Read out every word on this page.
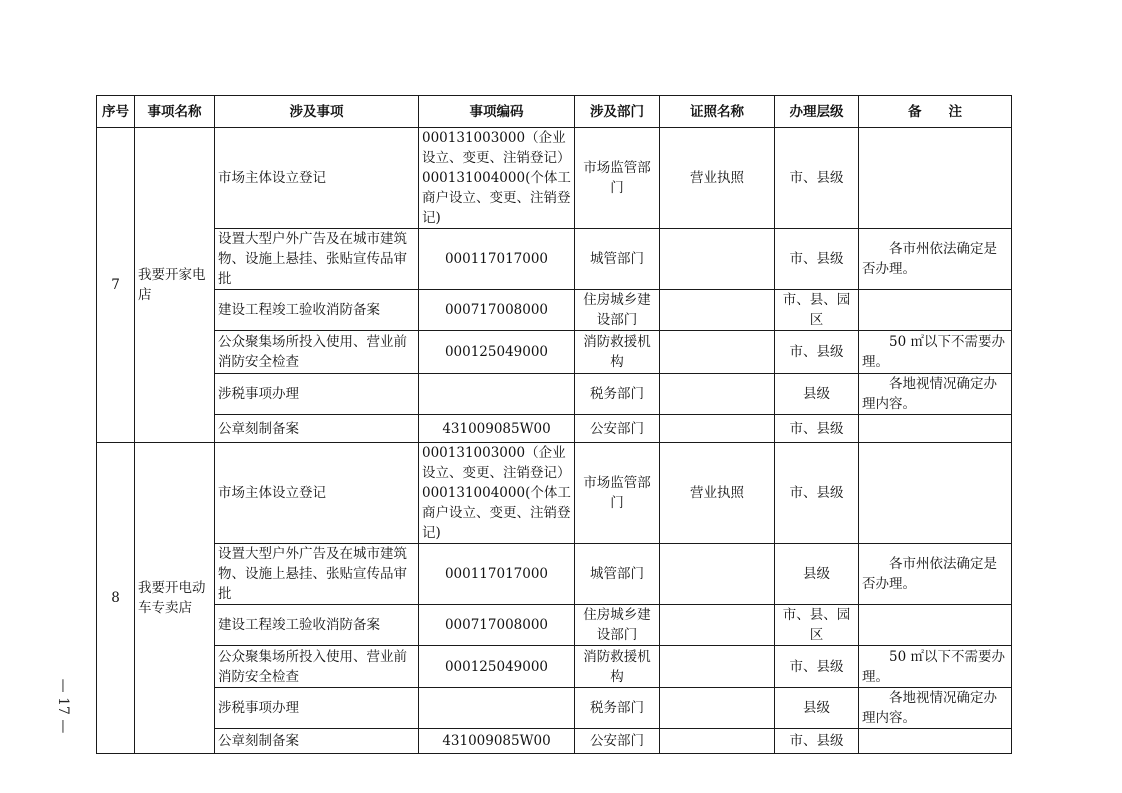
序号	事项名称	涉及事项	事项编码	涉及部门	证照名称	办理层级	备　　注
7	我要开家电店	市场主体设立登记	000131003000（企业设立、变更、注销登记）000131004000(个体工商户设立、变更、注销登记)	市场监管部门	营业执照	市、县级	
		设置大型户外广告及在城市建筑物、设施上悬挂、张贴宣传品审批	000117017000	城管部门		市、县级	各市州依法确定是否办理。
		建设工程竣工验收消防备案	000717008000	住房城乡建设部门		市、县、园区	
		公众聚集场所投入使用、营业前消防安全检查	000125049000	消防救援机构		市、县级	50 ㎡以下不需要办理。
		涉税事项办理		税务部门		县级	各地视情况确定办理内容。
		公章刻制备案	431009085W00	公安部门		市、县级	
8	我要开电动车专卖店	市场主体设立登记	000131003000（企业设立、变更、注销登记）000131004000(个体工商户设立、变更、注销登记)	市场监管部门	营业执照	市、县级	
		设置大型户外广告及在城市建筑物、设施上悬挂、张贴宣传品审批	000117017000	城管部门		县级	各市州依法确定是否办理。
		建设工程竣工验收消防备案	000717008000	住房城乡建设部门		市、县、园区	
		公众聚集场所投入使用、营业前消防安全检查	000125049000	消防救援机构		市、县级	50 ㎡以下不需要办理。
		涉税事项办理		税务部门		县级	各地视情况确定办理内容。
		公章刻制备案	431009085W00	公安部门		市、县级	
— 17 —
